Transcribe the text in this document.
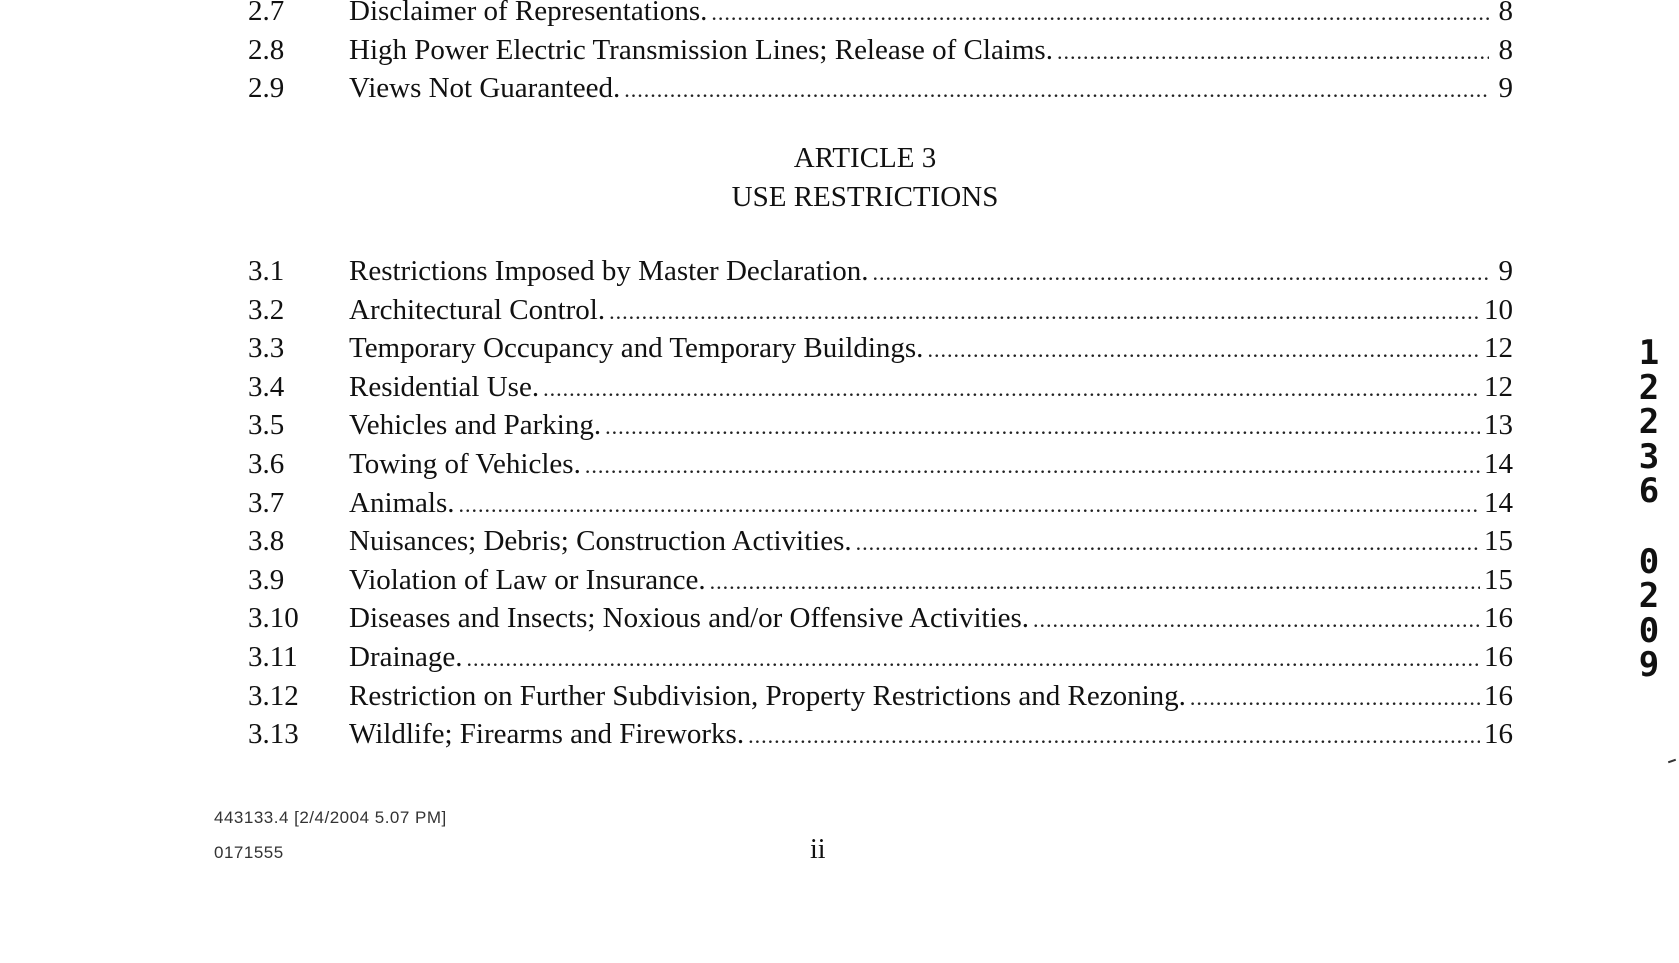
2.7	Disclaimer of Representations. .....	8
2.8	High Power Electric Transmission Lines; Release of Claims. .....	8
2.9	Views Not Guaranteed. .....	9
ARTICLE 3
USE RESTRICTIONS
3.1	Restrictions Imposed by Master Declaration. .....	9
3.2	Architectural Control. .....	10
3.3	Temporary Occupancy and Temporary Buildings. .....	12
3.4	Residential Use. .....	12
3.5	Vehicles and Parking. .....	13
3.6	Towing of Vehicles. .....	14
3.7	Animals. .....	14
3.8	Nuisances; Debris; Construction Activities. .....	15
3.9	Violation of Law or Insurance. .....	15
3.10	Diseases and Insects; Noxious and/or Offensive Activities. .....	16
3.11	Drainage. .....	16
3.12	Restriction on Further Subdivision, Property Restrictions and Rezoning. .....	16
3.13	Wildlife; Firearms and Fireworks. .....	16
443133.4 [2/4/2004 5.07 PM]
0171555	ii
1
2
2
3
6
0
2
0
9
